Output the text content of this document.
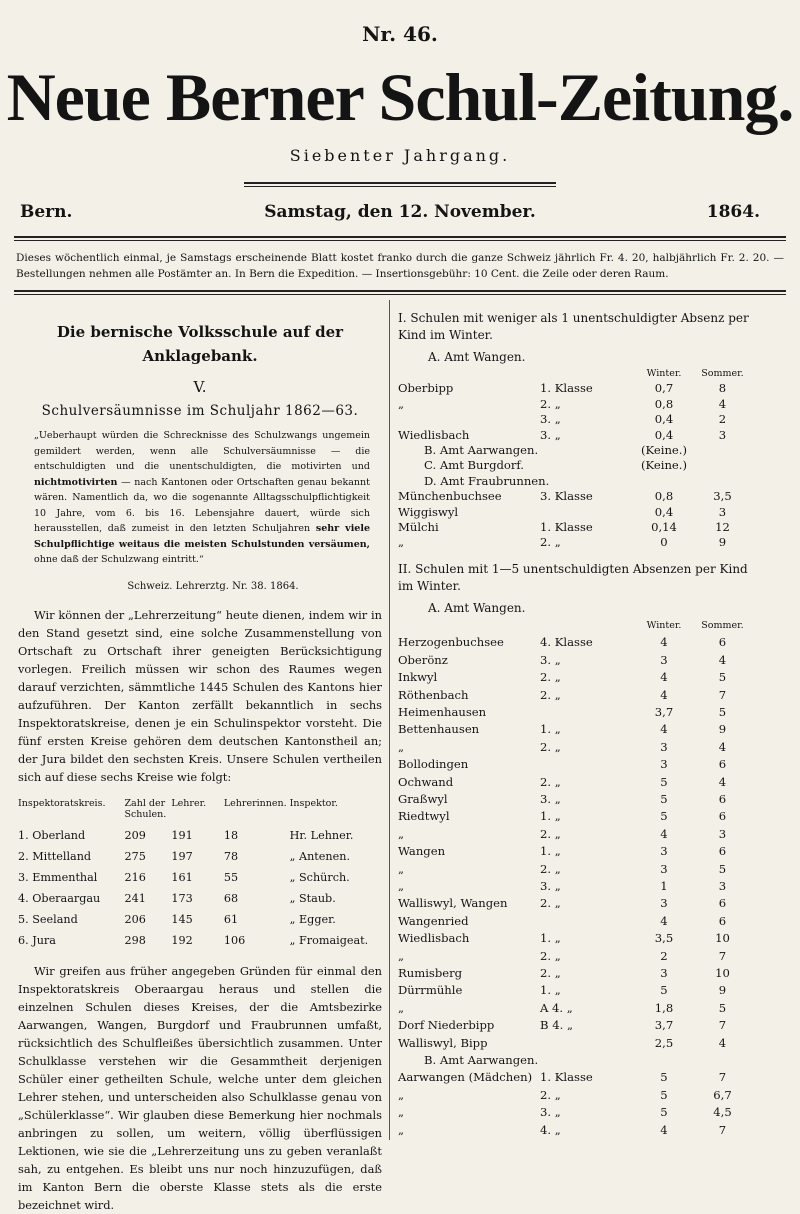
Nr. 46.
Neue Berner Schul-Zeitung.
Siebenter Jahrgang.
Bern.	Samstag, den 12. November.	1864.
Dieses wöchentlich einmal, je Samstags erscheinende Blatt kostet franko durch die ganze Schweiz jährlich Fr. 4. 20, halbjährlich Fr. 2. 20. — Bestellungen nehmen alle Postämter an. In Bern die Expedition. — Insertionsgebühr: 10 Cent. die Zeile oder deren Raum.
Die bernische Volksschule auf der Anklagebank.
V.
Schulversäumnisse im Schuljahr 1862—63.
„Ueberhaupt würden die Schrecknisse des Schulzwangs ungemein gemildert werden, wenn alle Schulversäumnisse — die entschuldigten und die unentschuldigten, die motivirten und nichtmotivirten — nach Kantonen oder Ortschaften genau bekannt wären. Namentlich da, wo die sogenannte Alltagsschulpflichtigkeit 10 Jahre, vom 6. bis 16. Lebensjahre dauert, würde sich herausstellen, daß zumeist in den letzten Schuljahren sehr viele Schulpflichtige weitaus die meisten Schulstunden versäumen, ohne daß der Schulzwang eintritt.“
Schweiz. Lehrerztg. Nr. 38. 1864.

Wir können der „Lehrerzeitung“ heute dienen, indem wir in den Stand gesetzt sind, eine solche Zusammenstellung von Ortschaft zu Ortschaft ihrer geneigten Berücksichtigung vorlegen. Freilich müssen wir schon des Raumes wegen darauf verzichten, sämmtliche 1445 Schulen des Kantons hier aufzuführen. Der Kanton zerfällt bekanntlich in sechs Inspektoratskreise, denen je ein Schulinspektor vorsteht. Die fünf ersten Kreise gehören dem deutschen Kantonstheil an; der Jura bildet den sechsten Kreis. Unsere Schulen vertheilen sich auf diese sechs Kreise wie folgt:

Inspektoratskreis.	Zahl der Schulen.	Lehrer.	Lehrerinnen.	Inspektor.
1. Oberland	209	191	18	Hr. Lehner.
2. Mittelland	275	197	78	„ Antenen.
3. Emmenthal	216	161	55	„ Schürch.
4. Oberaargau	241	173	68	„ Staub.
5. Seeland	206	145	61	„ Egger.
6. Jura	298	192	106	„ Fromaigeat.

Wir greifen aus früher angegeben Gründen für einmal den Inspektoratskreis Oberaargau heraus und stellen die einzelnen Schulen dieses Kreises, der die Amtsbezirke Aarwangen, Wangen, Burgdorf und Fraubrunnen umfaßt, rücksichtlich des Schulfleißes übersichtlich zusammen. Unter Schulklasse verstehen wir die Gesammtheit derjenigen Schüler einer getheilten Schule, welche unter dem gleichen Lehrer stehen, und unterscheiden also Schulklasse genau von „Schülerklasse“. Wir glauben diese Bemerkung hier nochmals anbringen zu sollen, um weitern, völlig überflüssigen Lektionen, wie sie die „Lehrerzeitung uns zu geben veranlaßt sah, zu entgehen. Es bleibt uns nur noch hinzuzufügen, daß im Kanton Bern die oberste Klasse stets als die erste bezeichnet wird.

I. Schulen mit weniger als 1 unentschuldigter Absenz per Kind im Winter.
A. Amt Wangen.
		Winter.	Sommer.
Oberbipp	1. Klasse	0,7	8
„	2. „	0,8	4
	3. „	0,4	2
Wiedlisbach	3. „	0,4	3
B. Amt Aarwangen.		(Keine.)	
C. Amt Burgdorf.		(Keine.)	
D. Amt Fraubrunnen.			
Münchenbuchsee	3. Klasse	0,8	3,5
Wiggiswyl		0,4	3
Mülchi	1. Klasse	0,14	12
„	2. „	0	9
II. Schulen mit 1—5 unentschuldigten Absenzen per Kind im Winter.
A. Amt Wangen.
		Winter.	Sommer.
Herzogenbuchsee	4. Klasse	4	6
Oberönz	3. „	3	4
Inkwyl	2. „	4	5
Röthenbach	2. „	4	7
Heimenhausen		3,7	5
Bettenhausen	1. „	4	9
„	2. „	3	4
Bollodingen		3	6
Ochwand	2. „	5	4
Graßwyl	3. „	5	6
Riedtwyl	1. „	5	6
„	2. „	4	3
Wangen	1. „	3	6
„	2. „	3	5
„	3. „	1	3
Walliswyl, Wangen	2. „	3	6
Wangenried		4	6
Wiedlisbach	1. „	3,5	10
„	2. „	2	7
Rumisberg	2. „	3	10
Dürrmühle	1. „	5	9
„	A 4. „	1,8	5
Dorf Niederbipp	B 4. „	3,7	7
Walliswyl, Bipp		2,5	4
B. Amt Aarwangen.			
Aarwangen (Mädchen)	1. Klasse	5	7
„	2. „	5	6,7
„	3. „	5	4,5
„	4. „	4	7
